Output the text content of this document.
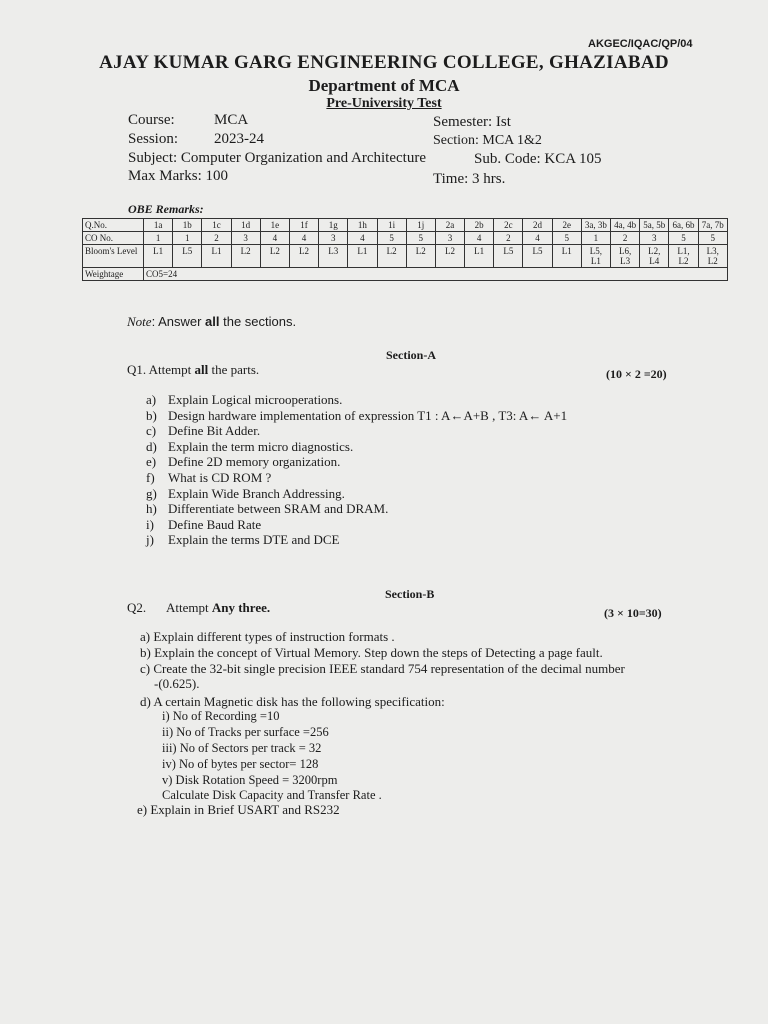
AKGEC/IQAC/QP/04
AJAY KUMAR GARG ENGINEERING COLLEGE, GHAZIABAD
Department of MCA
Pre-University Test
Course:	MCA	Semester: Ist
Session: 2023-24	Section: MCA 1&2
Subject: Computer Organization and Architecture	Sub. Code: KCA 105
Max Marks: 100	Time: 3 hrs.
OBE Remarks:
Q.No.	1a	1b	1c	1d	1e	1f	1g	1h	1i	1j	2a	2b	2c	2d	2e	3a, 3b	4a, 4b	5a, 5b	6a, 6b	7a, 7b
CO No.	1	1	2	3	4	4	3	4	5	5	3	4	2	4	5	1	2	3	5	5
Bloom's Level	L1	L5	L1	L2	L2	L2	L3	L1	L2	L2	L2	L1	L5	L5	L1	L5, L1	L6, L3	L2, L4	L1, L2	L3, L2
Weightage	CO5=24																			
Note: Answer all the sections.
Section-A
Q1. Attempt all the parts.	(10 × 2 =20)
a) Explain Logical microoperations.
b) Design hardware implementation of expression T1 : A←A+B , T3: A← A+1
c) Define Bit Adder.
d) Explain the term micro diagnostics.
e) Define 2D memory organization.
f) What is CD ROM ?
g) Explain Wide Branch Addressing.
h) Differentiate between SRAM and DRAM.
i) Define Baud Rate
j) Explain the terms DTE and DCE
Section-B
Q2. Attempt Any three.	(3 × 10=30)
a) Explain different types of instruction formats .
b) Explain the concept of Virtual Memory. Step down the steps of Detecting a page fault.
c) Create the 32-bit single precision IEEE standard 754 representation of the decimal number
-(0.625).
d) A certain Magnetic disk has the following specification:
i) No of Recording =10
ii) No of Tracks per surface =256
iii) No of Sectors per track = 32
iv) No of bytes per sector= 128
v) Disk Rotation Speed = 3200rpm
Calculate Disk Capacity and Transfer Rate .
e) Explain in Brief USART and RS232
